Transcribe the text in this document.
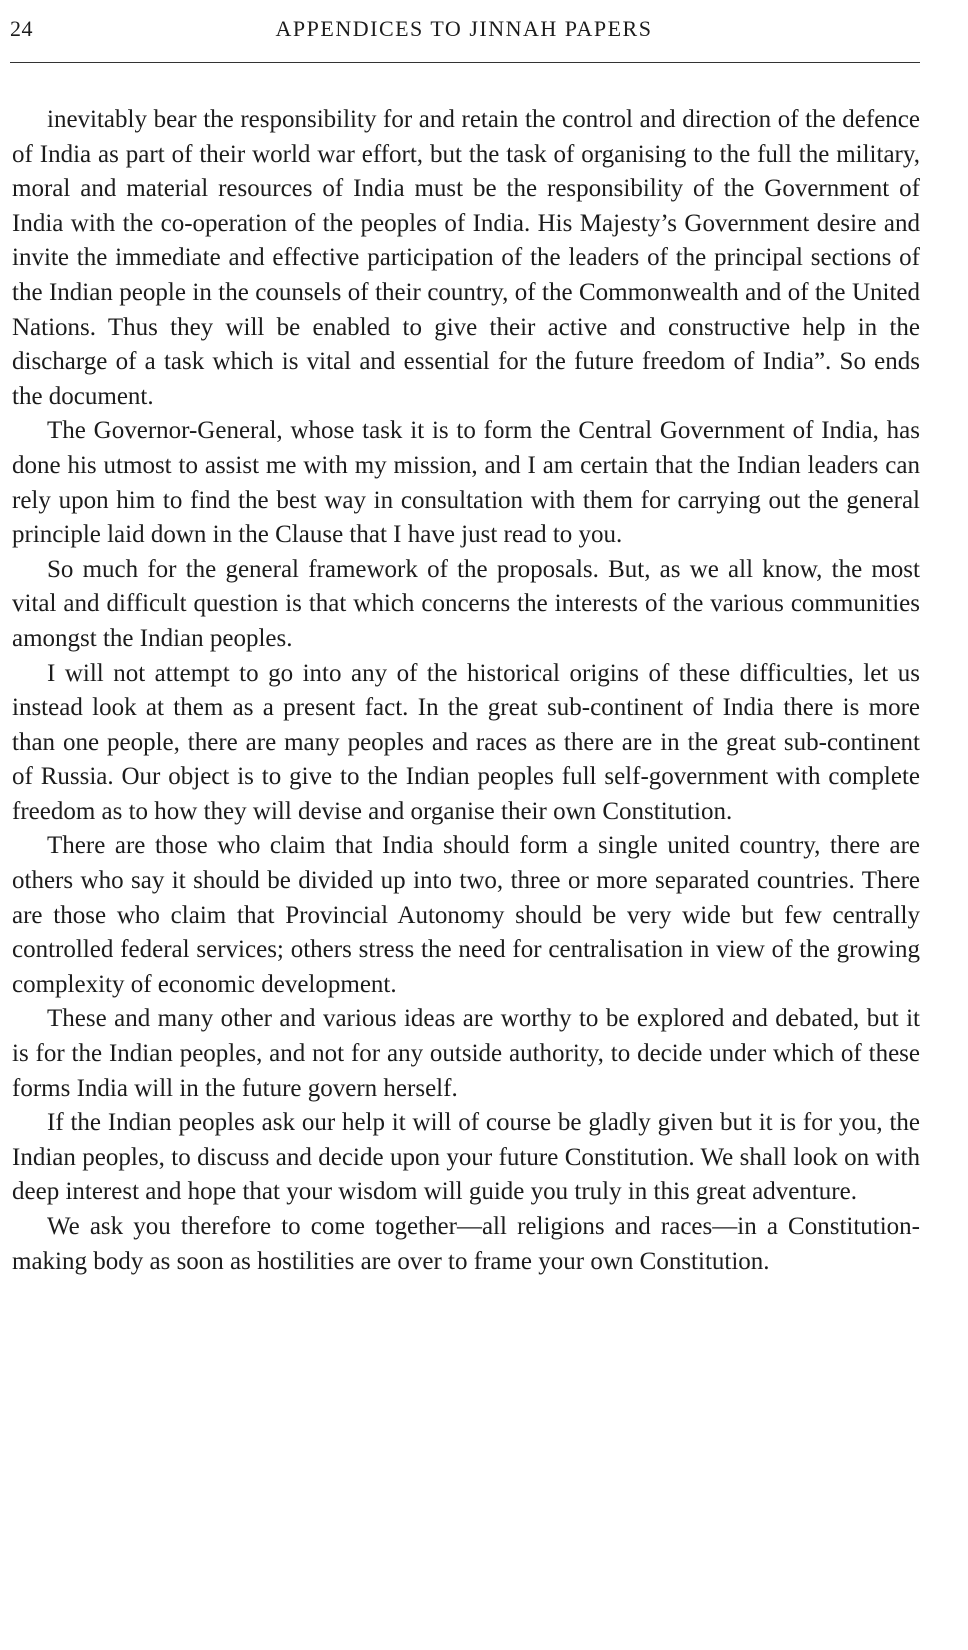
24	APPENDICES TO JINNAH PAPERS

inevitably bear the responsibility for and retain the control and direction of the defence of India as part of their world war effort, but the task of organising to the full the military, moral and material resources of India must be the responsibility of the Government of India with the co-operation of the peoples of India. His Majesty’s Government desire and invite the immediate and effective participation of the leaders of the principal sections of the Indian people in the counsels of their country, of the Commonwealth and of the United Nations. Thus they will be enabled to give their active and constructive help in the discharge of a task which is vital and essential for the future freedom of India”. So ends the document.

The Governor-General, whose task it is to form the Central Government of India, has done his utmost to assist me with my mission, and I am certain that the Indian leaders can rely upon him to find the best way in consultation with them for carrying out the general principle laid down in the Clause that I have just read to you.

So much for the general framework of the proposals. But, as we all know, the most vital and difficult question is that which concerns the interests of the various communities amongst the Indian peoples.

I will not attempt to go into any of the historical origins of these difficulties, let us instead look at them as a present fact. In the great sub-continent of India there is more than one people, there are many peoples and races as there are in the great sub-continent of Russia. Our object is to give to the Indian peoples full self-government with complete freedom as to how they will devise and organise their own Constitution.

There are those who claim that India should form a single united country, there are others who say it should be divided up into two, three or more separated countries. There are those who claim that Provincial Autonomy should be very wide but few centrally controlled federal services; others stress the need for centralisation in view of the growing complexity of economic development.

These and many other and various ideas are worthy to be explored and debated, but it is for the Indian peoples, and not for any outside authority, to decide under which of these forms India will in the future govern herself.

If the Indian peoples ask our help it will of course be gladly given but it is for you, the Indian peoples, to discuss and decide upon your future Constitution. We shall look on with deep interest and hope that your wisdom will guide you truly in this great adventure.

We ask you therefore to come together—all religions and races—in a Constitution-making body as soon as hostilities are over to frame your own Constitution.
